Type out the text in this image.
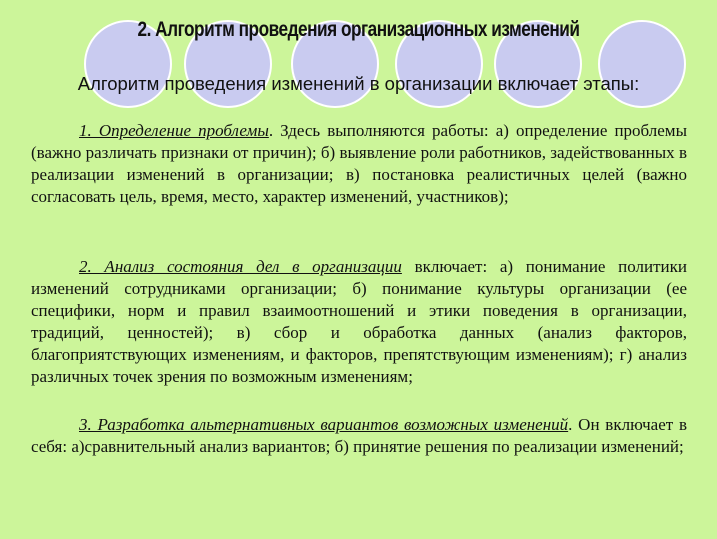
2. Алгоритм проведения организационных изменений

Алгоритм проведения изменений в организации включает этапы:

1. Определение проблемы. Здесь выполняются работы: а) определение проблемы (важно различать признаки от причин); б) выявление роли работников, задействованных в реализации изменений в организации; в) постановка реалистичных целей (важно согласовать цель, время, место, характер изменений, участников);

2. Анализ состояния дел в организации включает: а) понимание политики изменений сотрудниками организации; б) понимание культуры организации (ее специфики, норм и правил взаимоотношений и этики поведения в организации, традиций, ценностей); в) сбор и обработка данных (анализ факторов, благоприятствующих изменениям, и факторов, препятствующим изменениям); г) анализ различных точек зрения по возможным изменениям;

3. Разработка альтернативных вариантов возможных изменений. Он включает в себя: а)сравнительный анализ вариантов; б) принятие решения по реализации изменений;
